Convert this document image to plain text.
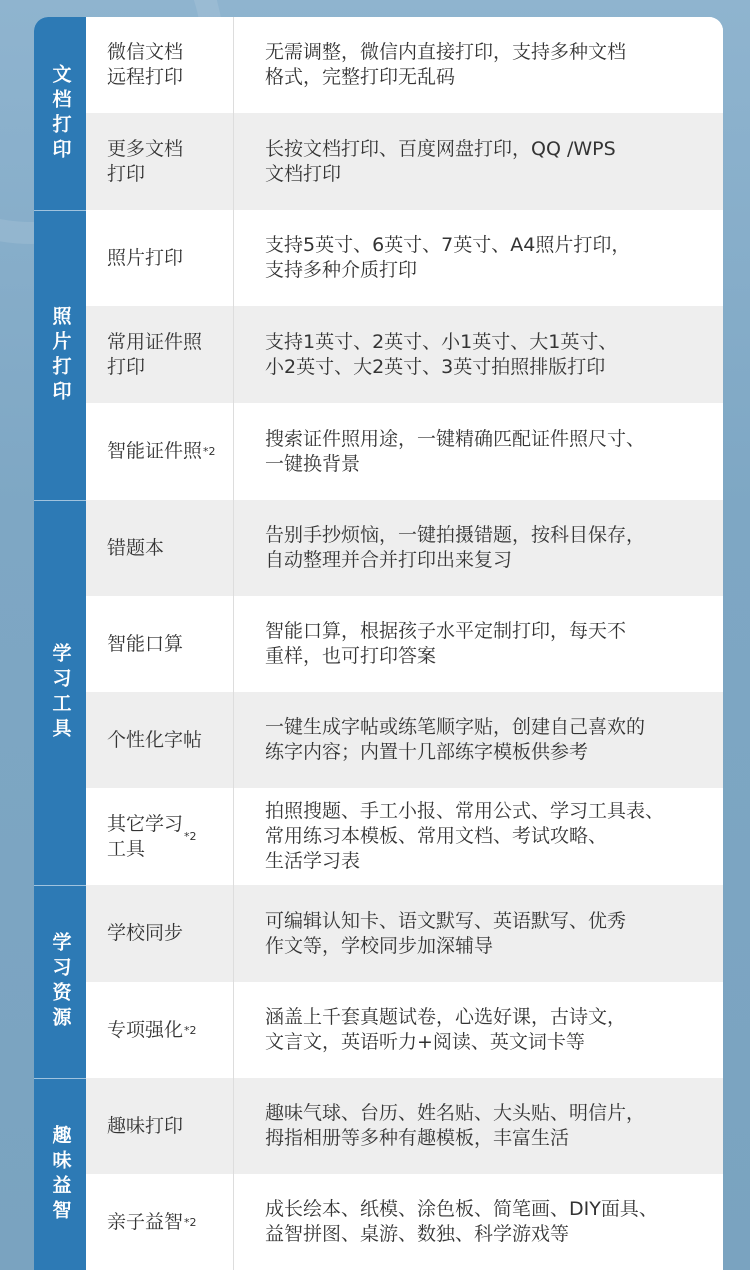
文档打印
照片打印
学习工具
学习资源
趣味益智
微信文档
远程打印
无需调整，微信内直接打印，支持多种文档
格式，完整打印无乱码
更多文档
打印
长按文档打印、百度网盘打印，QQ /WPS
文档打印
照片打印
支持5英寸、6英寸、7英寸、A4照片打印，
支持多种介质打印
常用证件照
打印
支持1英寸、2英寸、小1英寸、大1英寸、
小2英寸、大2英寸、3英寸拍照排版打印
智能证件照 *2
搜索证件照用途，一键精确匹配证件照尺寸、
一键换背景
错题本
告别手抄烦恼，一键拍摄错题，按科目保存，
自动整理并合并打印出来复习
智能口算
智能口算，根据孩子水平定制打印，每天不
重样，也可打印答案
个性化字帖
一键生成字帖或练笔顺字贴，创建自己喜欢的
练字内容；内置十几部练字模板供参考
其它学习
工具
*2
拍照搜题、手工小报、常用公式、学习工具表、
常用练习本模板、常用文档、考试攻略、
生活学习表
学校同步
可编辑认知卡、语文默写、英语默写、优秀
作文等，学校同步加深辅导
专项强化 *2
涵盖上千套真题试卷，心选好课，古诗文，
文言文，英语听力+阅读、英文词卡等
趣味打印
趣味气球、台历、姓名贴、大头贴、明信片，
拇指相册等多种有趣模板，丰富生活
亲子益智 *2
成长绘本、纸模、涂色板、简笔画、DIY面具、
益智拼图、桌游、数独、科学游戏等
